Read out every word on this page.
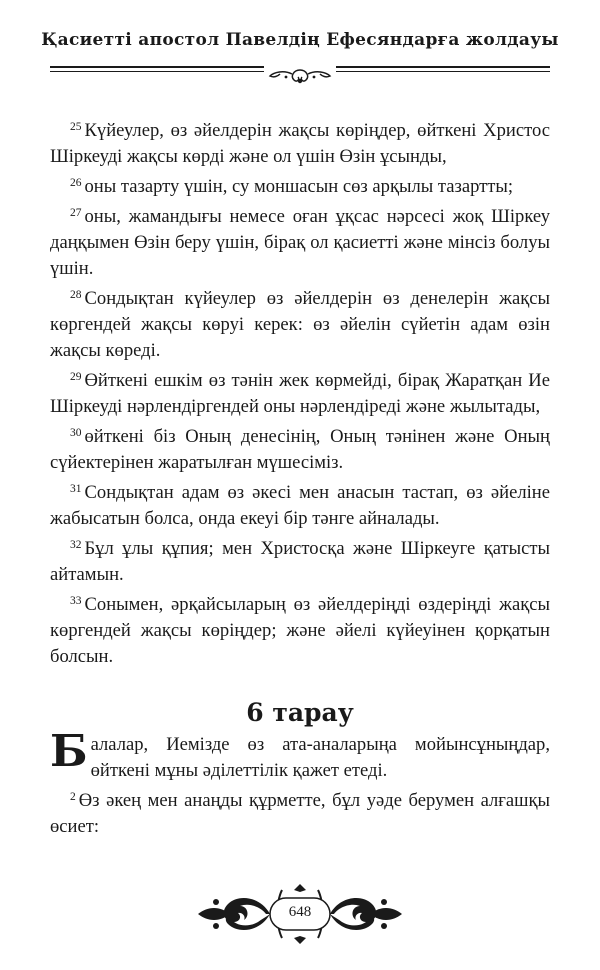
Қасиетті апостол Павелдің Ефесяндарға жолдауы

$^{25}$ Күйеулер, өз әйелдерін жақсы көріңдер, өйткені Христос Шіркеуді жақсы көрді және ол үшін Өзін ұсынды,

$^{26}$ оны тазарту үшін, су моншасын сөз арқылы тазартты;

$^{27}$ оны, жамандығы немесе оған ұқсас нәрсесі жоқ Шіркеу даңқымен Өзін беру үшін, бірақ ол қасиетті және мінсіз болуы үшін.

$^{28}$ Сондықтан күйеулер өз әйелдерін өз денелерін жақсы көргендей жақсы көруі керек: өз әйелін сүйетін адам өзін жақсы көреді.

$^{29}$ Өйткені ешкім өз тәнін жек көрмейді, бірақ Жаратқан Ие Шіркеуді нәрлендіргендей оны нәрлендіреді және жылытады,

$^{30}$ өйткені біз Оның денесінің, Оның тәнінен және Оның сүйектерінен жаратылған мүшесіміз.

$^{31}$ Сондықтан адам өз әкесі мен анасын тастап, өз әйеліне жабысатын болса, онда екеуі бір тәнге айналады.

$^{32}$ Бұл ұлы құпия; мен Христосқа және Шіркеуге қатысты айтамын.

$^{33}$ Сонымен, әрқайсыларың өз әйелдеріңді өздеріңді жақсы көргендей жақсы көріңдер; және әйелі күйеуінен қорқатын болсын.

6 тарау

Балалар, Иемізде өз ата-аналарыңа мойынсұныңдар, өйткені мұны әділеттілік қажет етеді.

$^2$ Өз әкең мен анаңды құрметте, бұл уәде берумен алғашқы өсиет:

648
